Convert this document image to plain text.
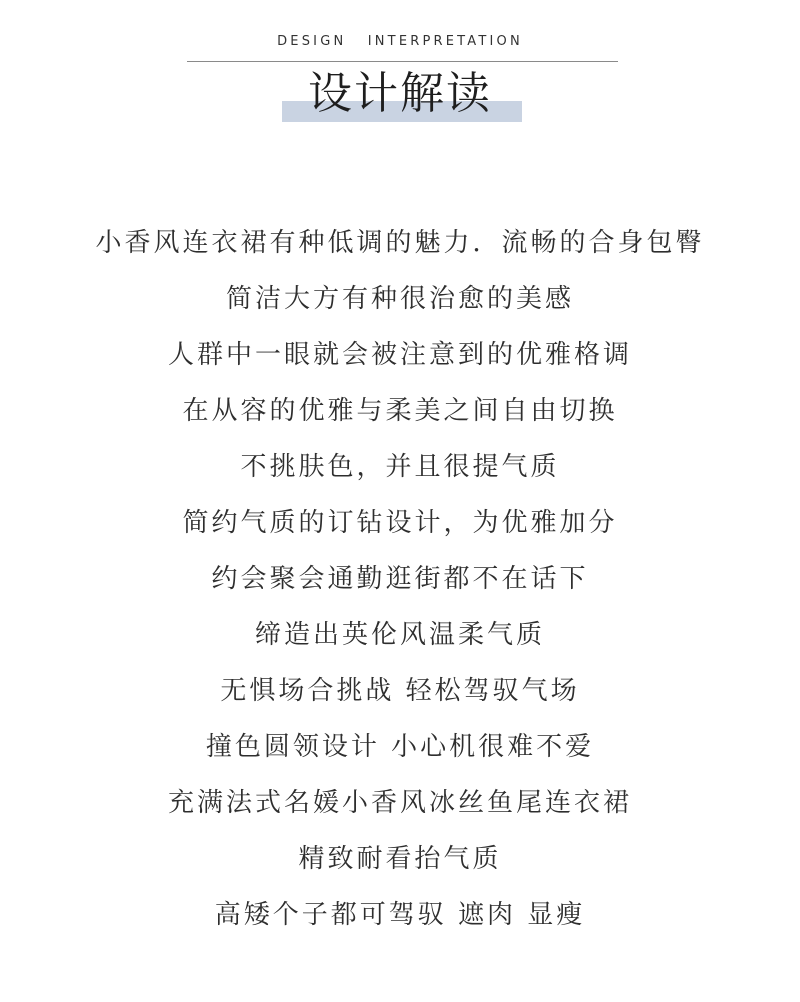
DESIGN INTERPRETATION
设计解读
小香风连衣裙有种低调的魅力．流畅的合身包臀
简洁大方有种很治愈的美感
人群中一眼就会被注意到的优雅格调
在从容的优雅与柔美之间自由切换
不挑肤色，并且很提气质
简约气质的订钻设计，为优雅加分
约会聚会通勤逛街都不在话下
缔造出英伦风温柔气质
无惧场合挑战 轻松驾驭气场
撞色圆领设计 小心机很难不爱
充满法式名媛小香风冰丝鱼尾连衣裙
精致耐看抬气质
高矮个子都可驾驭 遮肉 显瘦
